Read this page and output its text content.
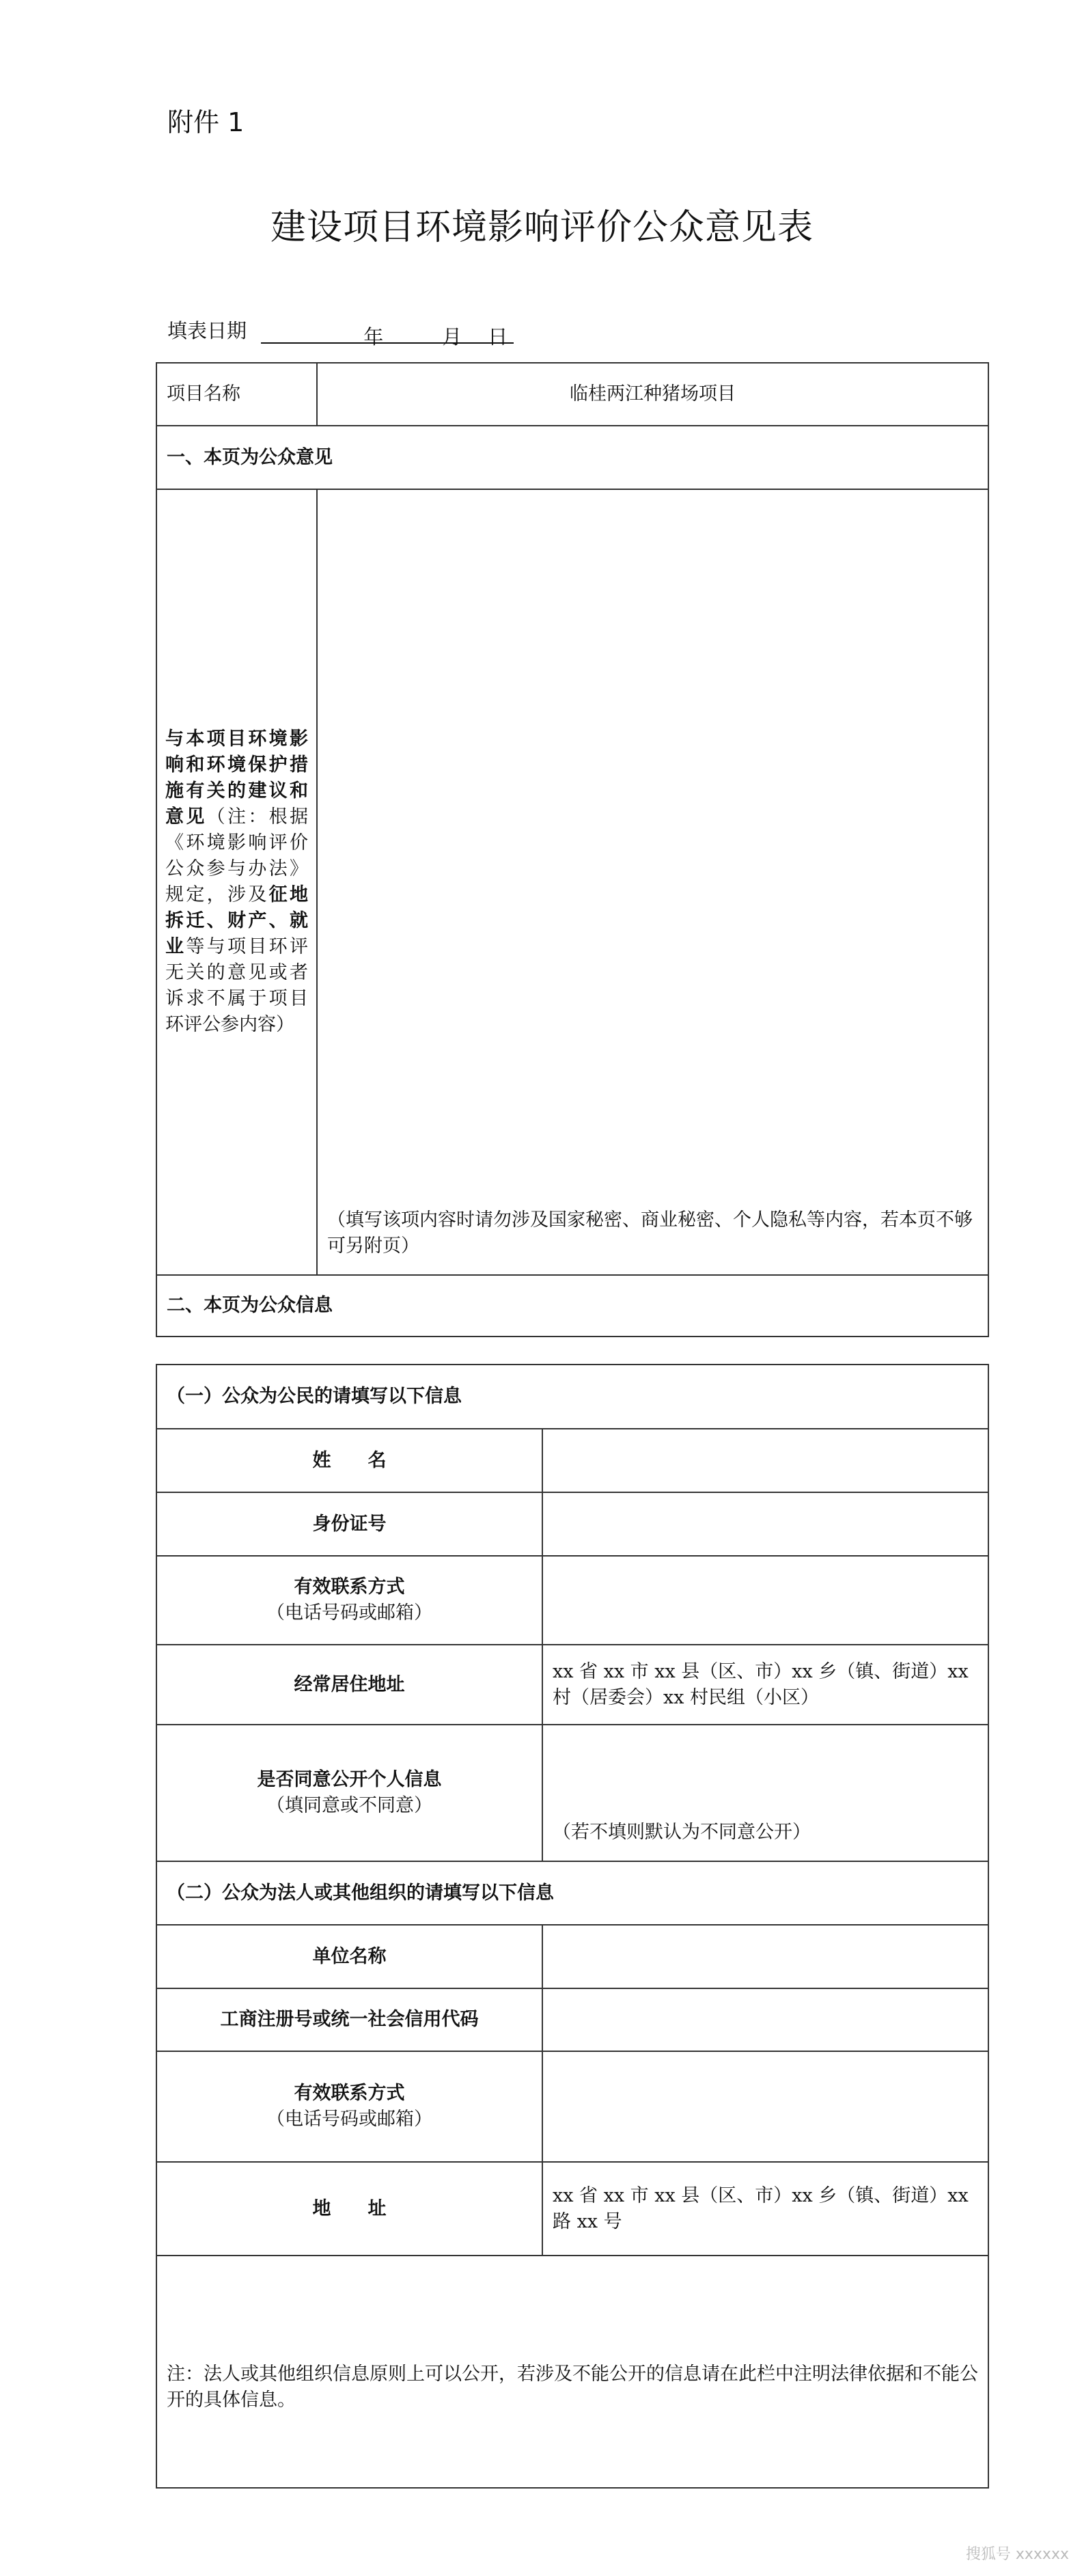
附件 1
建设项目环境影响评价公众意见表
填表日期	年	月 日
项目名称	临桂两江种猪场项目
一、本页为公众意见	
与本项目环境影响和环境保护措施有关的建议和意见（注：根据《环境影响评价公众参与办法》规定，涉及征地拆迁、财产、就业等与项目环评无关的意见或者诉求不属于项目环评公参内容）	（填写该项内容时请勿涉及国家秘密、商业秘密、个人隐私等内容，若本页不够可另附页）
二、本页为公众信息	
（一）公众为公民的请填写以下信息	
姓　　名	
身份证号	

有效联系方式
（电话号码或邮箱）	

经常居住地址	xx 省 xx 市 xx 县（区、市）xx 乡（镇、街道）xx 村（居委会）xx 村民组（小区）

是否同意公开个人信息
（填同意或不同意）	（若不填则默认为不同意公开）
（二）公众为法人或其他组织的请填写以下信息	
单位名称	
工商注册号或统一社会信用代码	

有效联系方式
（电话号码或邮箱）	

地　　址	xx 省 xx 市 xx 县（区、市）xx 乡（镇、街道）xx 路 xx 号
注：法人或其他组织信息原则上可以公开，若涉及不能公开的信息请在此栏中注明法律依据和不能公开的具体信息。	
搜狐号 xxxxxx
